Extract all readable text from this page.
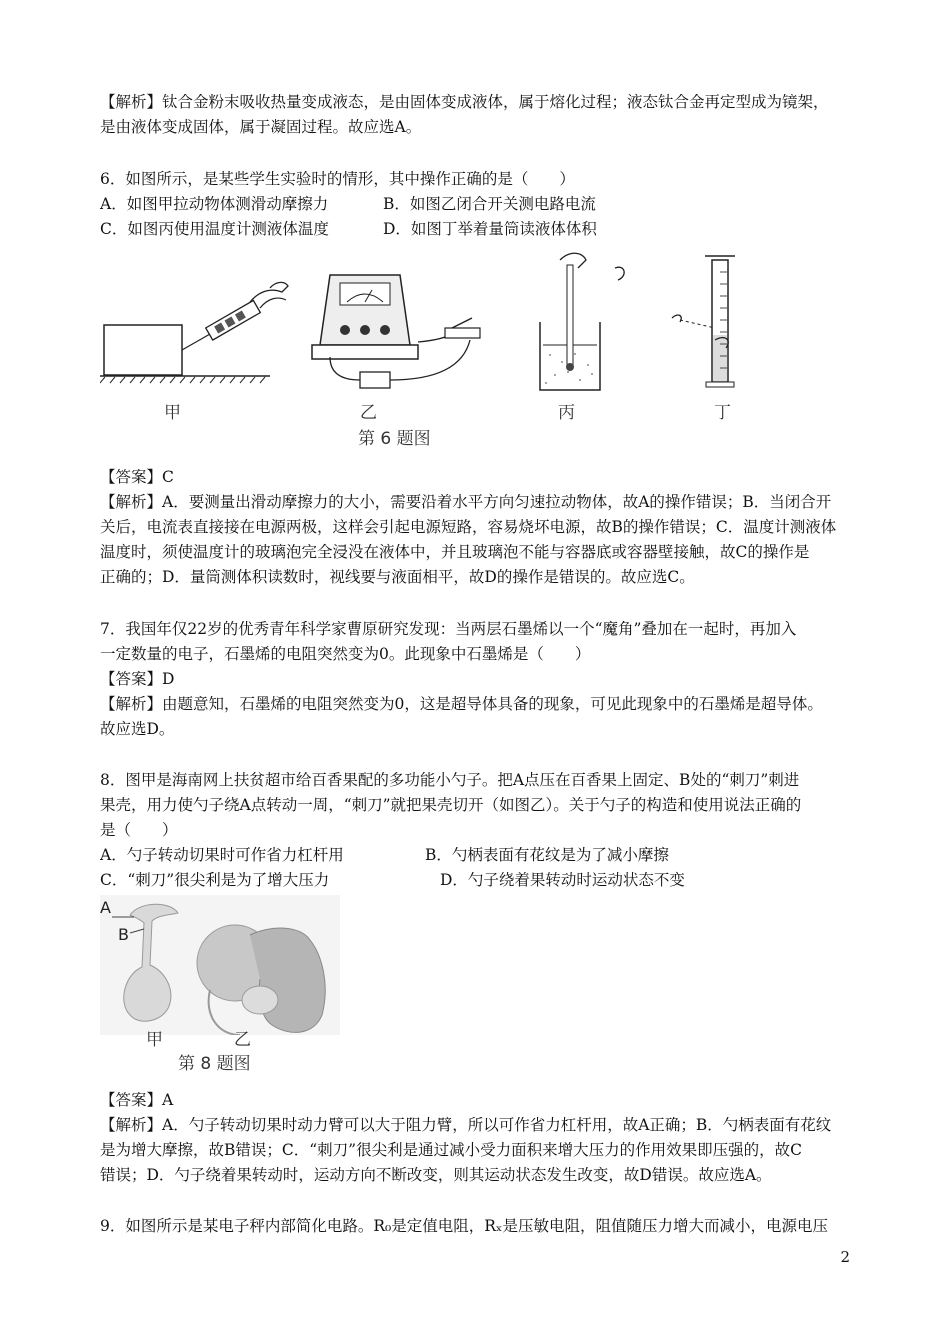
【解析】钛合金粉末吸收热量变成液态，是由固体变成液体，属于熔化过程；液态钛合金再定型成为镜架，
是由液体变成固体，属于凝固过程。故应选A。
6．如图所示，是某些学生实验时的情形，其中操作正确的是（　　）
A．如图甲拉动物体测滑动摩擦力	B．如图乙闭合开关测电路电流
C．如图丙使用温度计测液体温度	D．如图丁举着量筒读液体体积
甲	乙	丙	丁
第 6 题图
【答案】C
【解析】A．要测量出滑动摩擦力的大小，需要沿着水平方向匀速拉动物体，故A的操作错误；B．当闭合开
关后，电流表直接接在电源两极，这样会引起电源短路，容易烧坏电源，故B的操作错误；C．温度计测液体
温度时，须使温度计的玻璃泡完全浸没在液体中，并且玻璃泡不能与容器底或容器壁接触，故C的操作是
正确的；D．量筒测体积读数时，视线要与液面相平，故D的操作是错误的。故应选C。
7．我国年仅22岁的优秀青年科学家曹原研究发现：当两层石墨烯以一个“魔角”叠加在一起时，再加入
一定数量的电子，石墨烯的电阻突然变为0。此现象中石墨烯是（　　）
【答案】D
【解析】由题意知，石墨烯的电阻突然变为0，这是超导体具备的现象，可见此现象中的石墨烯是超导体。
故应选D。
8．图甲是海南网上扶贫超市给百香果配的多功能小勺子。把A点压在百香果上固定、B处的“刺刀”刺进
果壳，用力使勺子绕A点转动一周，“刺刀”就把果壳切开（如图乙）。关于勺子的构造和使用说法正确的
是（　　）
A．勺子转动切果时可作省力杠杆用	B．勺柄表面有花纹是为了减小摩擦
C．“刺刀”很尖利是为了增大压力	D．勺子绕着果转动时运动状态不变
A
B
甲	乙
第 8 题图
【答案】A
【解析】A．勺子转动切果时动力臂可以大于阻力臂，所以可作省力杠杆用，故A正确；B．勺柄表面有花纹
是为增大摩擦，故B错误；C．“刺刀”很尖利是通过减小受力面积来增大压力的作用效果即压强的，故C
错误；D．勺子绕着果转动时，运动方向不断改变，则其运动状态发生改变，故D错误。故应选A。
9．如图所示是某电子秤内部简化电路。R₀是定值电阻，Rₓ是压敏电阻，阻值随压力增大而减小，电源电压
2
